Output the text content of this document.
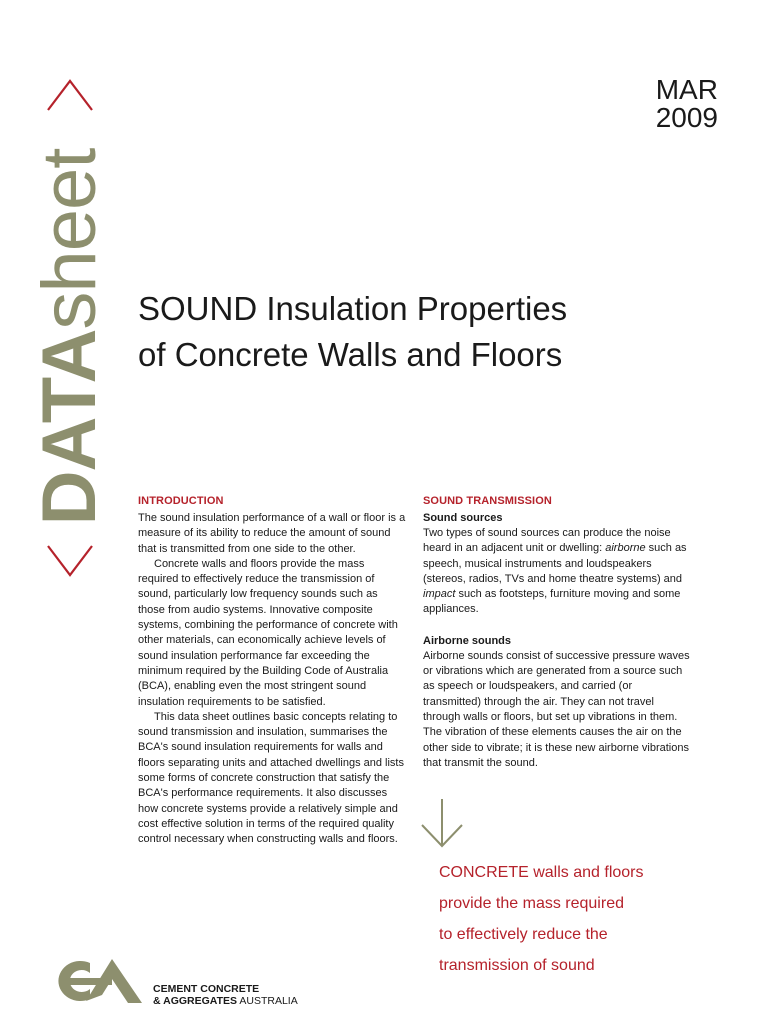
DATAsheet
MAR
2009
SOUND Insulation Properties
of Concrete Walls and Floors
INTRODUCTION

The sound insulation performance of a wall or floor is a measure of its ability to reduce the amount of sound that is transmitted from one side to the other.

Concrete walls and floors provide the mass required to effectively reduce the transmission of sound, particularly low frequency sounds such as those from audio systems. Innovative composite systems, combining the performance of concrete with other materials, can economically achieve levels of sound insulation performance far exceeding the minimum required by the Building Code of Australia (BCA), enabling even the most stringent sound insulation requirements to be satisfied.

This data sheet outlines basic concepts relating to sound transmission and insulation, summarises the BCA's sound insulation requirements for walls and floors separating units and attached dwellings and lists some forms of concrete construction that satisfy the BCA's performance requirements. It also discusses how concrete systems provide a relatively simple and cost effective solution in terms of the required quality control necessary when constructing walls and floors.

SOUND TRANSMISSION
Sound sources

Two types of sound sources can produce the noise heard in an adjacent unit or dwelling: airborne such as speech, musical instruments and loudspeakers (stereos, radios, TVs and home theatre systems) and impact such as footsteps, furniture moving and some appliances.

Airborne sounds

Airborne sounds consist of successive pressure waves or vibrations which are generated from a source such as speech or loudspeakers, and carried (or transmitted) through the air. They can not travel through walls or floors, but set up vibrations in them. The vibration of these elements causes the air on the other side to vibrate; it is these new airborne vibrations that transmit the sound.

CONCRETE walls and floors
provide the mass required
to effectively reduce the
transmission of sound

CEMENT CONCRETE
& AGGREGATES AUSTRALIA
